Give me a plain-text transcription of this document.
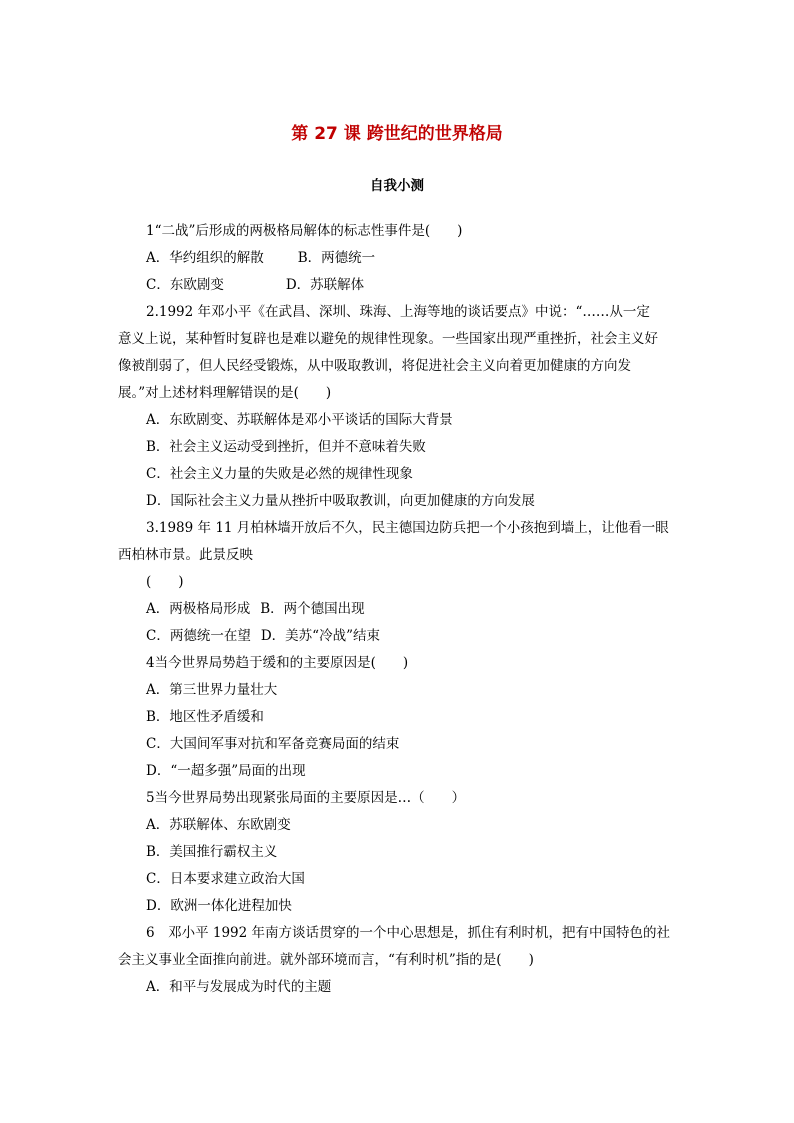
第 27 课 跨世纪的世界格局
自我小测
1“二战”后形成的两极格局解体的标志性事件是(　　)
A．华约组织的解散	B．两德统一
C．东欧剧变	D．苏联解体
2.1992 年邓小平《在武昌、深圳、珠海、上海等地的谈话要点》中说：“……从一定
意义上说，某种暂时复辟也是难以避免的规律性现象。一些国家出现严重挫折，社会主义好
像被削弱了，但人民经受锻炼，从中吸取教训，将促进社会主义向着更加健康的方向发
展。”对上述材料理解错误的是(　　)
A．东欧剧变、苏联解体是邓小平谈话的国际大背景
B．社会主义运动受到挫折，但并不意味着失败
C．社会主义力量的失败是必然的规律性现象
D．国际社会主义力量从挫折中吸取教训，向更加健康的方向发展
3.1989 年 11 月柏林墙开放后不久，民主德国边防兵把一个小孩抱到墙上，让他看一眼
西柏林市景。此景反映
(　　)
A．两极格局形成 B．两个德国出现
C．两德统一在望 D．美苏“冷战”结束
4当今世界局势趋于缓和的主要原因是(　　)
A．第三世界力量壮大
B．地区性矛盾缓和
C．大国间军事对抗和军备竞赛局面的结束
D．“一超多强”局面的出现
5当今世界局势出现紧张局面的主要原因是…（　　）
A．苏联解体、东欧剧变
B．美国推行霸权主义
C．日本要求建立政治大国
D．欧洲一体化进程加快
6　邓小平 1992 年南方谈话贯穿的一个中心思想是，抓住有利时机，把有中国特色的社
会主义事业全面推向前进。就外部环境而言，“有利时机”指的是(　　)
A．和平与发展成为时代的主题
